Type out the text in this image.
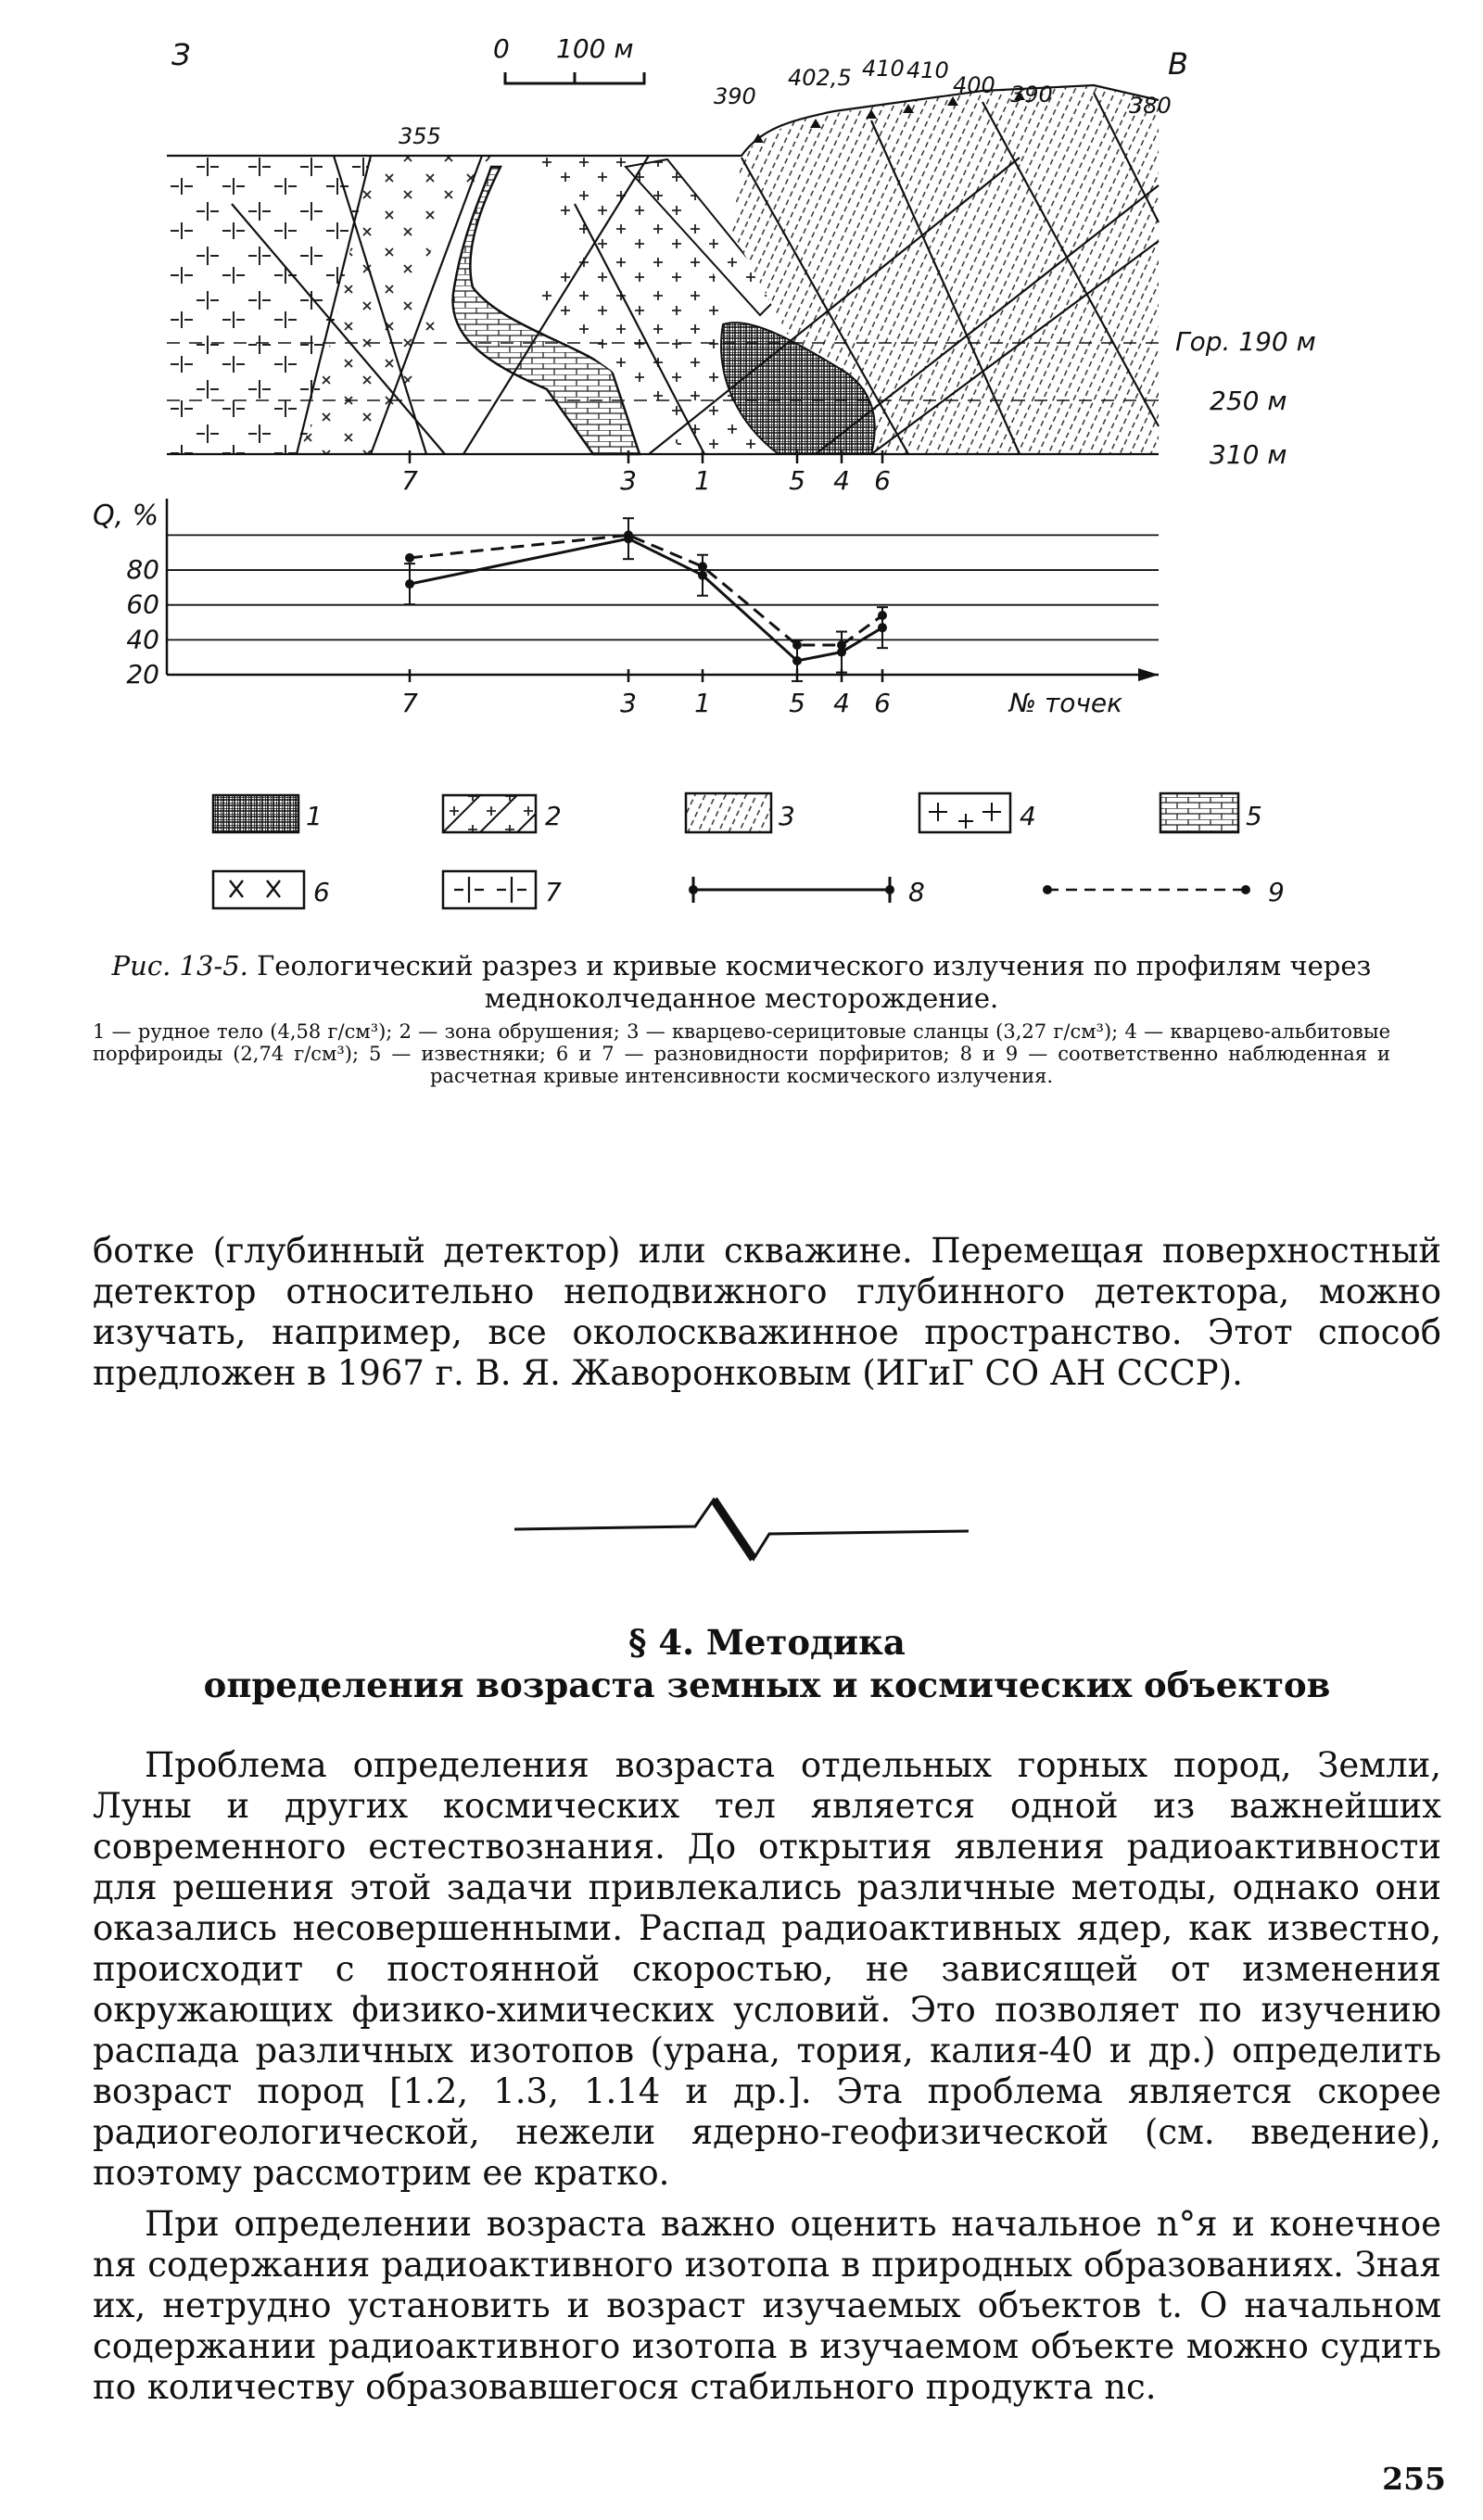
З	В
0 100 м
355
390
402,5 410 410
400 390	380
Гор. 190 м
250 м
310 м
7	3 1	5 4 6
20
40
60
80
Q, %
7	3 1	5 4 6	№ точек
1	2	3	4	5
6	7	8	9
Рис. 13-5. Геологический разрез и кривые космического излучения по профилям через медноколчеданное месторождение.
1 — рудное тело (4,58 г/см³); 2 — зона обрушения; 3 — кварцево-серицитовые сланцы (3,27 г/см³); 4 — кварцево-альбитовые порфироиды (2,74 г/см³); 5 — известняки; 6 и 7 — разновидности порфиритов; 8 и 9 — соответственно наблюденная и расчетная кривые интенсивности космического излучения.

ботке (глубинный детектор) или скважине. Перемещая поверхностный детектор относительно неподвижного глубинного детектора, можно изучать, например, все околоскважинное пространство. Этот способ предложен в 1967 г. В. Я. Жаворонковым (ИГиГ СО АН СССР).

§ 4. Методика
определения возраста земных и космических объектов

Проблема определения возраста отдельных горных пород, Земли, Луны и других космических тел является одной из важнейших современного естествознания. До открытия явления радиоактивности для решения этой задачи привлекались различные методы, однако они оказались несовершенными. Распад радиоактивных ядер, как известно, происходит с постоянной скоростью, не зависящей от изменения окружающих физико-химических условий. Это позволяет по изучению распада различных изотопов (урана, тория, калия-40 и др.) определить возраст пород [1.2, 1.3, 1.14 и др.]. Эта проблема является скорее радиогеологической, нежели ядерно-геофизической (см. введение), поэтому рассмотрим ее кратко.

При определении возраста важно оценить начальное n°я и конечное nя содержания радиоактивного изотопа в природных образованиях. Зная их, нетрудно установить и возраст изучаемых объектов t. О начальном содержании радиоактивного изотопа в изучаемом объекте можно судить по количеству образовавшегося стабильного продукта nс.

255
